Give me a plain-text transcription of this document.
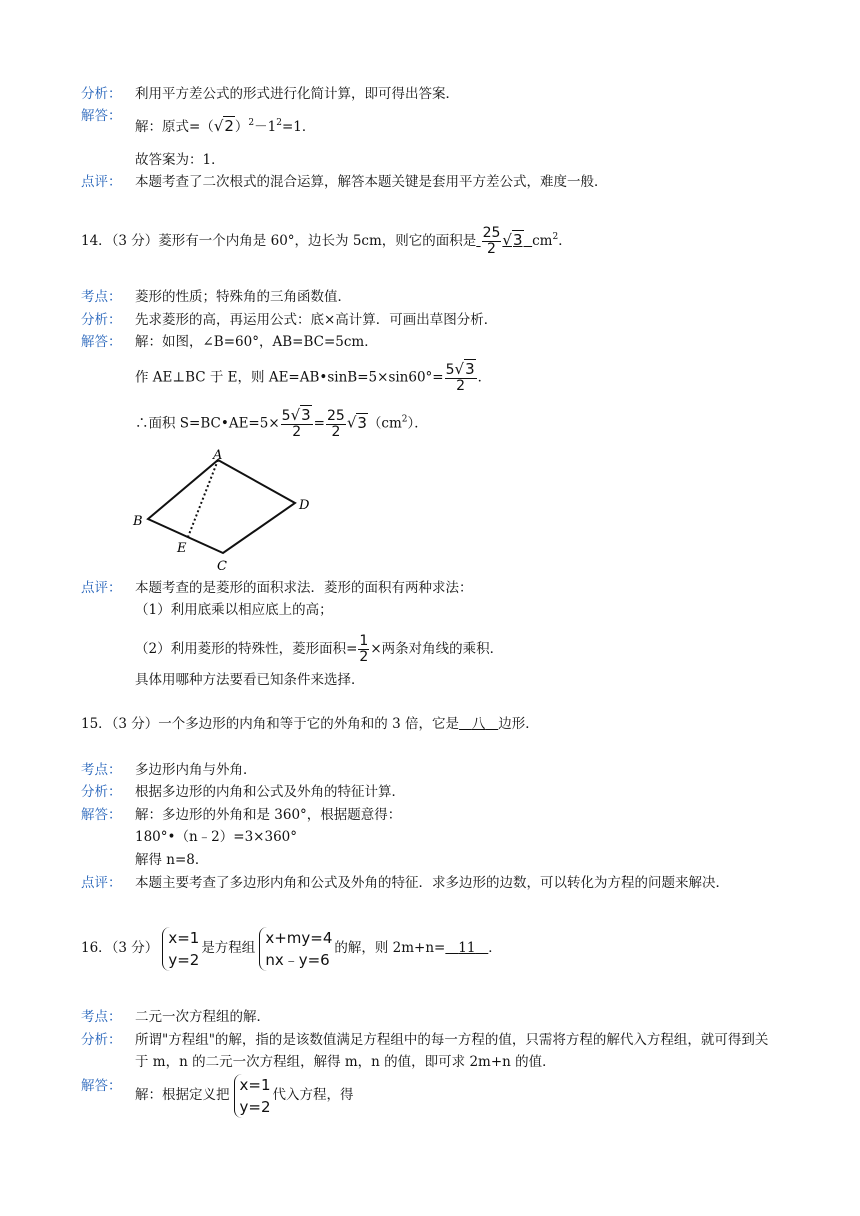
分析： 利用平方差公式的形式进行化简计算，即可得出答案．
解答：
解：原式$=(√2)^2-1^2=1$．
故答案为：1．
点评： 本题考查了二次根式的混合运算，解答本题关键是套用平方差公式，难度一般．
14．（3 分）菱形有一个内角是 60°，边长为 5cm，则它的面积是 $\frac{25}{2} √3$ $cm^2$．
考点： 菱形的性质；特殊角的三角函数值．
分析： 先求菱形的高，再运用公式：底×高计算．可画出草图分析．
解答： 解：如图，∠B=60°，AB=BC=5cm．
作 AE⊥BC 于 E，则 AE=AB•sinB=5×sin60°= $\frac{5√3}{2}$ ．
∴面积 S=BC•AE=5× $\frac{5√3}{2} = \frac{25}{2} √3(cm^2)$．
A
D
B
E
C
点评： 本题考查的是菱形的面积求法．菱形的面积有两种求法：
（1）利用底乘以相应底上的高；
（2）利用菱形的特殊性，菱形面积= $\frac{1}{2}$ ×两条对角线的乘积．
具体用哪种方法要看已知条件来选择．
15．（3 分）一个多边形的内角和等于它的外角和的 3 倍，它是 八 边形．
考点： 多边形内角与外角．
分析： 根据多边形的内角和公式及外角的特征计算．
解答： 解：多边形的外角和是 360°，根据题意得：
180°•（n﹣2）=3×360°
解得 n=8．
点评： 本题主要考查了多边形内角和公式及外角的特征．求多边形的边数，可以转化为方程的问题来解决．
16．（3 分）
x=1
y=2
是方程组
x+my=4
nx﹣y=6
的解，则 2m+n= 11 ．
考点： 二元一次方程组的解．
分析： 所谓"方程组"的解，指的是该数值满足方程组中的每一方程的值，只需将方程的解代入方程组，就可得到关
于 m，n 的二元一次方程组，解得 m，n 的值，即可求 2m+n 的值．
解答：
解：根据定义把
x=1
y=2
代入方程，得
